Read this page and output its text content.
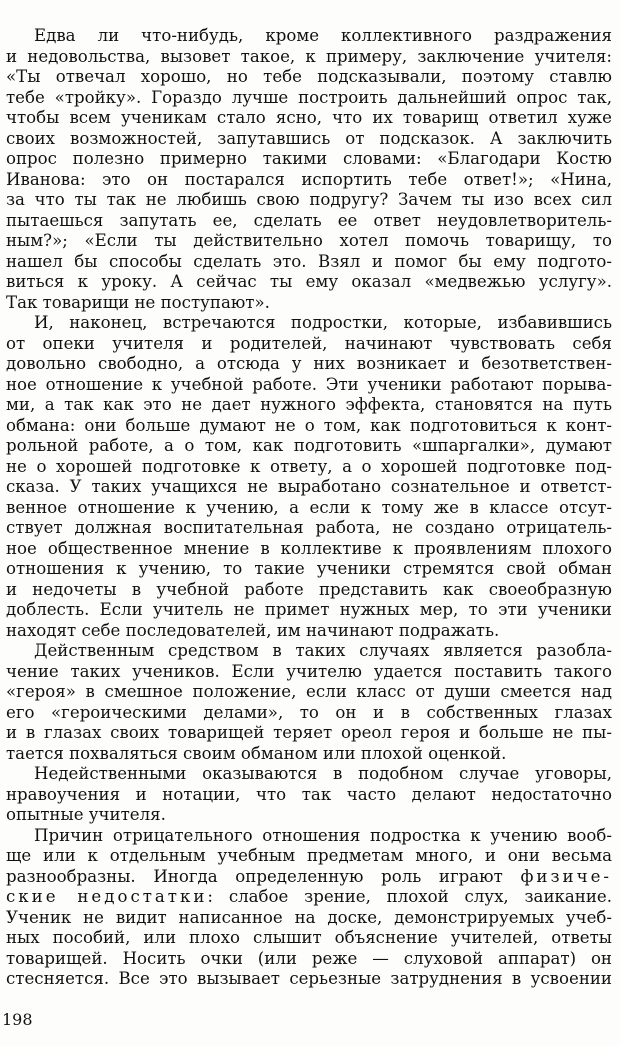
Едва ли что-нибудь, кроме коллективного раздражения

и недовольства, вызовет такое, к примеру, заключение учителя:

«Ты отвечал хорошо, но тебе подсказывали, поэтому ставлю

тебе «тройку». Гораздо лучше построить дальнейший опрос так,

чтобы всем ученикам стало ясно, что их товарищ ответил хуже

своих возможностей, запутавшись от подсказок. А заключить

опрос полезно примерно такими словами: «Благодари Костю

Иванова: это он постарался испортить тебе ответ!»; «Нина,

за что ты так не любишь свою подругу? Зачем ты изо всех сил

пытаешься запутать ее, сделать ее ответ неудовлетворитель-

ным?»; «Если ты действительно хотел помочь товарищу, то

нашел бы способы сделать это. Взял и помог бы ему подгото-

виться к уроку. А сейчас ты ему оказал «медвежью услугу».

Так товарищи не поступают».

И, наконец, встречаются подростки, которые, избавившись

от опеки учителя и родителей, начинают чувствовать себя

довольно свободно, а отсюда у них возникает и безответствен-

ное отношение к учебной работе. Эти ученики работают порыва-

ми, а так как это не дает нужного эффекта, становятся на путь

обмана: они больше думают не о том, как подготовиться к конт-

рольной работе, а о том, как подготовить «шпаргалки», думают

не о хорошей подготовке к ответу, а о хорошей подготовке под-

сказа. У таких учащихся не выработано сознательное и ответст-

венное отношение к учению, а если к тому же в классе отсут-

ствует должная воспитательная работа, не создано отрицатель-

ное общественное мнение в коллективе к проявлениям плохого

отношения к учению, то такие ученики стремятся свой обман

и недочеты в учебной работе представить как своеобразную

доблесть. Если учитель не примет нужных мер, то эти ученики

находят себе последователей, им начинают подражать.

Действенным средством в таких случаях является разобла-

чение таких учеников. Если учителю удается поставить такого

«героя» в смешное положение, если класс от души смеется над

его «героическими делами», то он и в собственных глазах

и в глазах своих товарищей теряет ореол героя и больше не пы-

тается похваляться своим обманом или плохой оценкой.

Недейственными оказываются в подобном случае уговоры,

нравоучения и нотации, что так часто делают недостаточно

опытные учителя.

Причин отрицательного отношения подростка к учению вооб-

ще или к отдельным учебным предметам много, и они весьма

разнообразны. Иногда определенную роль играют физиче-

ские недостатки: слабое зрение, плохой слух, заикание.

Ученик не видит написанное на доске, демонстрируемых учеб-

ных пособий, или плохо слышит объяснение учителей, ответы

товарищей. Носить очки (или реже — слуховой аппарат) он

стесняется. Все это вызывает серьезные затруднения в усвоении

198
